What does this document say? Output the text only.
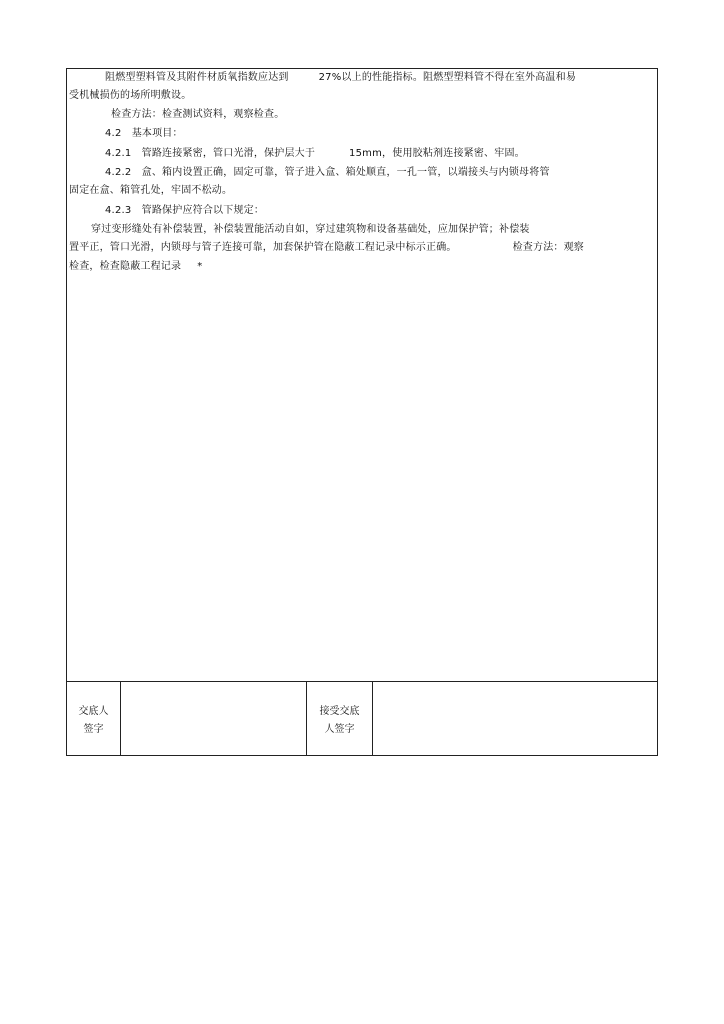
阻燃型塑料管及其附件材质氧指数应达到	27%以上的性能指标。阻燃型塑料管不得在室外高温和易
受机械损伤的场所明敷设。
检查方法：检查测试资料，观察检查。
4.2　基本项目：
4.2.1　管路连接紧密，管口光滑，保护层大于	15mm，使用胶粘剂连接紧密、牢固。
4.2.2　盒、箱内设置正确，固定可靠，管子进入盒、箱处顺直，一孔一管，以端接头与内锁母将管
固定在盒、箱管孔处，牢固不松动。
4.2.3　管路保护应符合以下规定：
穿过变形缝处有补偿装置，补偿装置能活动自如，穿过建筑物和设备基础处，应加保护管；补偿装
置平正，管口光滑，内锁母与管子连接可靠，加套保护管在隐蔽工程记录中标示正确。	检查方法：观察
检查，检查隐蔽工程记录 *
交底人
签字
接受交底
人签字
